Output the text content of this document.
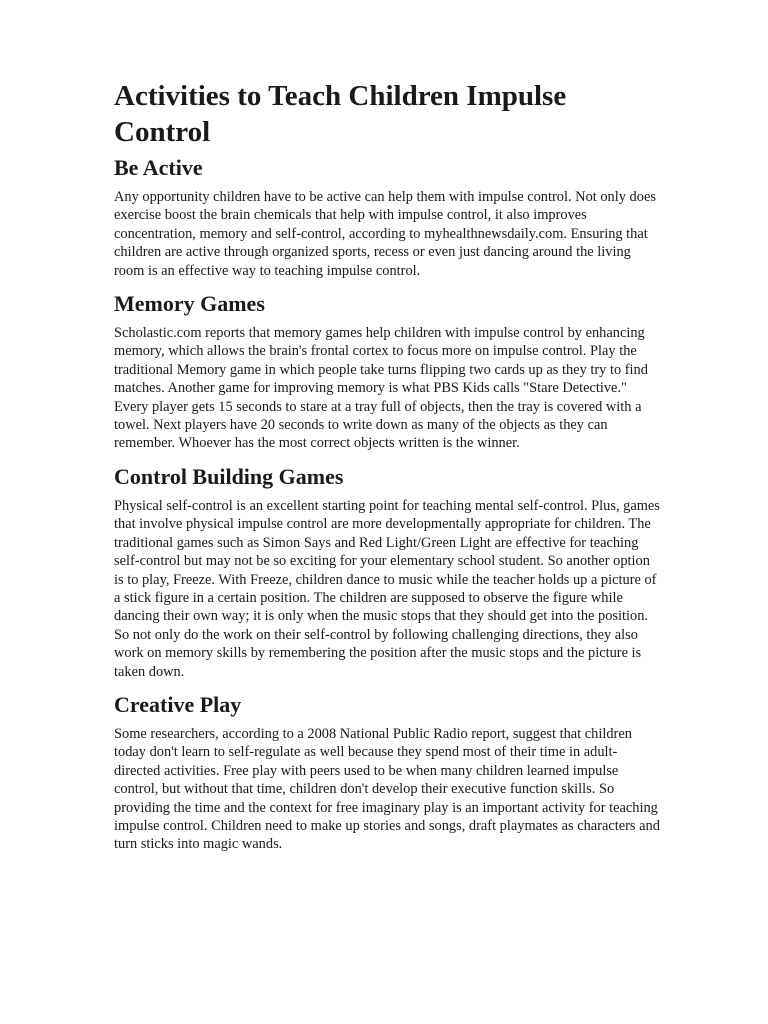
Activities to Teach Children Impulse Control
Be Active

Any opportunity children have to be active can help them with impulse control. Not only does exercise boost the brain chemicals that help with impulse control, it also improves concentration, memory and self-control, according to myhealthnewsdaily.com. Ensuring that children are active through organized sports, recess or even just dancing around the living room is an effective way to teaching impulse control.

Memory Games

Scholastic.com reports that memory games help children with impulse control by enhancing memory, which allows the brain's frontal cortex to focus more on impulse control. Play the traditional Memory game in which people take turns flipping two cards up as they try to find matches. Another game for improving memory is what PBS Kids calls "Stare Detective." Every player gets 15 seconds to stare at a tray full of objects, then the tray is covered with a towel. Next players have 20 seconds to write down as many of the objects as they can remember. Whoever has the most correct objects written is the winner.

Control Building Games

Physical self-control is an excellent starting point for teaching mental self-control. Plus, games that involve physical impulse control are more developmentally appropriate for children. The traditional games such as Simon Says and Red Light/Green Light are effective for teaching self-control but may not be so exciting for your elementary school student. So another option is to play, Freeze. With Freeze, children dance to music while the teacher holds up a picture of a stick figure in a certain position. The children are supposed to observe the figure while dancing their own way; it is only when the music stops that they should get into the position. So not only do the work on their self-control by following challenging directions, they also work on memory skills by remembering the position after the music stops and the picture is taken down.

Creative Play

Some researchers, according to a 2008 National Public Radio report, suggest that children today don't learn to self-regulate as well because they spend most of their time in adult-directed activities. Free play with peers used to be when many children learned impulse control, but without that time, children don't develop their executive function skills. So providing the time and the context for free imaginary play is an important activity for teaching impulse control. Children need to make up stories and songs, draft playmates as characters and turn sticks into magic wands.
